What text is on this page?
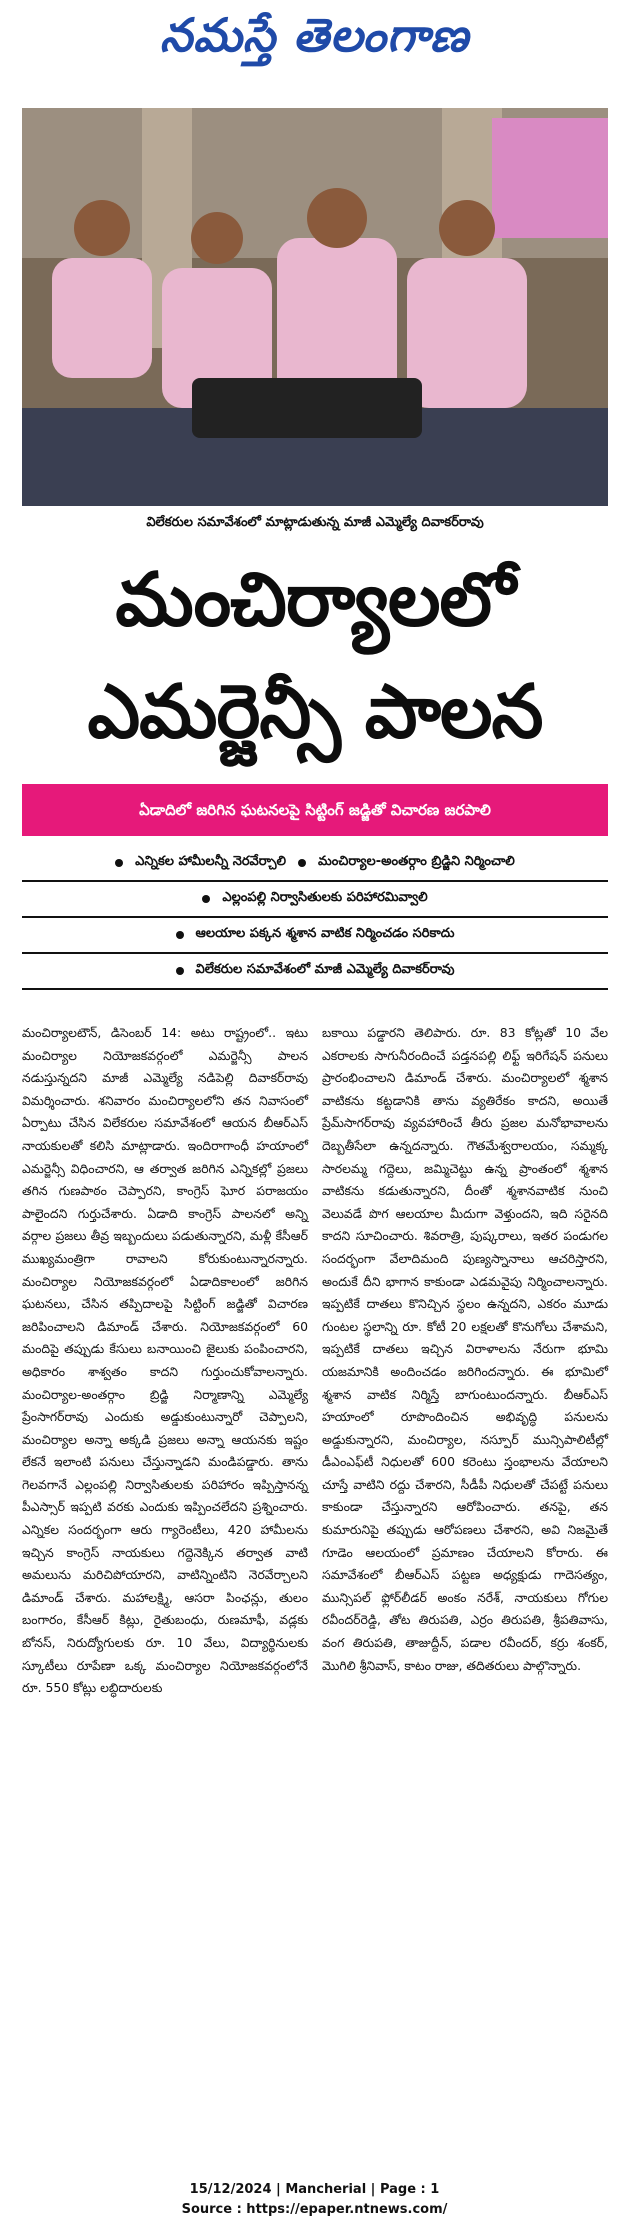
నమస్తే తెలంగాణ
విలేకరుల సమావేశంలో మాట్లాడుతున్న మాజీ ఎమ్మెల్యే దివాకర్‌రావు
మంచిర్యాలలో
ఎమర్జెన్సీ పాలన
ఏడాదిలో జరిగిన ఘటనలపై సిట్టింగ్ జడ్జితో విచారణ జరపాలి
ఎన్నికల హామీలన్నీ నెరవేర్చాలి మంచిర్యాల-అంతర్గాం బ్రిడ్జిని నిర్మించాలి
ఎల్లంపల్లి నిర్వాసితులకు పరిహారమివ్వాలి
ఆలయాల పక్కన శ్మశాన వాటిక నిర్మించడం సరికాదు
విలేకరుల సమావేశంలో మాజీ ఎమ్మెల్యే దివాకర్‌రావు

మంచిర్యాలటౌన్, డిసెంబర్ 14: అటు రాష్ట్రంలో.. ఇటు మంచిర్యాల నియోజకవర్గంలో ఎమర్జెన్సీ పాలన నడుస్తున్నదని మాజీ ఎమ్మెల్యే నడిపెల్లి దివాకర్‌రావు విమర్శించారు. శనివారం మంచిర్యాలలోని తన నివాసంలో ఏర్పాటు చేసిన విలేకరుల సమావేశంలో ఆయన బీఆర్‌ఎస్ నాయకులతో కలిసి మాట్లాడారు. ఇందిరాగాంధీ హయాంలో ఎమర్జెన్సీ విధించారని, ఆ తర్వాత జరిగిన ఎన్నికల్లో ప్రజలు తగిన గుణపాఠం చెప్పారని, కాంగ్రెస్ ఘోర పరాజయం పాలైందని గుర్తుచేశారు. ఏడాది కాంగ్రెస్ పాలనలో అన్ని వర్గాల ప్రజలు తీవ్ర ఇబ్బందులు పడుతున్నారని, మళ్లీ కేసీఆర్ ముఖ్యమంత్రిగా రావాలని కోరుకుంటున్నారన్నారు. మంచిర్యాల నియోజకవర్గంలో ఏడాదికాలంలో జరిగిన ఘటనలు, చేసిన తప్పిదాలపై సిట్టింగ్ జడ్జితో విచారణ జరిపించాలని డిమాండ్ చేశారు. నియోజకవర్గంలో 60 మందిపై తప్పుడు కేసులు బనాయించి జైలుకు పంపించారని, అధికారం శాశ్వతం కాదని గుర్తుంచుకోవాలన్నారు. మంచిర్యాల-అంతర్గాం బ్రిడ్జి నిర్మాణాన్ని ఎమ్మెల్యే ప్రేంసాగర్‌రావు ఎందుకు అడ్డుకుంటున్నారో చెప్పాలని, మంచిర్యాల అన్నా అక్కడి ప్రజలు అన్నా ఆయనకు ఇష్టం లేకనే ఇలాంటి పనులు చేస్తున్నాడని మండిపడ్డారు. తాను గెలవగానే ఎల్లంపల్లి నిర్వాసితులకు పరిహారం ఇప్పిస్తానన్న పీఎస్సార్ ఇప్పటి వరకు ఎందుకు ఇప్పించలేదని ప్రశ్నించారు. ఎన్నికల సందర్భంగా ఆరు గ్యారెంటీలు, 420 హామీలను ఇచ్చిన కాంగ్రెస్ నాయకులు గద్దెనెక్కిన తర్వాత వాటి అమలును మరిచిపోయారని, వాటిన్నింటిని నెరవేర్చాలని డిమాండ్ చేశారు. మహాలక్ష్మి, ఆసరా పింఛన్లు, తులం బంగారం, కేసీఆర్ కిట్లు, రైతుబంధు, రుణమాఫీ, వడ్లకు బోనస్, నిరుద్యోగులకు రూ. 10 వేలు, విద్యార్థినులకు స్కూటీలు రూపేణా ఒక్క మంచిర్యాల నియోజకవర్గంలోనే రూ. 550 కోట్లు లబ్ధిదారులకు

బకాయి పడ్డారని తెలిపారు. రూ. 83 కోట్లతో 10 వేల ఎకరాలకు సాగునీరందించే పడ్తనపల్లి లిఫ్ట్ ఇరిగేషన్ పనులు ప్రారంభించాలని డిమాండ్ చేశారు. మంచిర్యాలలో శ్మశాన వాటికను కట్టడానికి తాను వ్యతిరేకం కాదని, అయితే ప్రేమ్‌సాగర్‌రావు వ్యవహారించే తీరు ప్రజల మనోభావాలను దెబ్బతీసేలా ఉన్నదన్నారు. గౌతమేశ్వరాలయం, సమ్మక్క సారలమ్మ గద్దెలు, జమ్మిచెట్టు ఉన్న ప్రాంతంలో శ్మశాన వాటికను కడుతున్నారని, దీంతో శ్మశానవాటిక నుంచి వెలువడే పొగ ఆలయాల మీదుగా వెళ్తుందని, ఇది సరైనది కాదని సూచించారు. శివరాత్రి, పుష్కరాలు, ఇతర పండుగల సందర్భంగా వేలాదిమంది పుణ్యస్నానాలు ఆచరిస్తారని, అందుకే దీని భాగాన కాకుండా ఎడమవైపు నిర్మించాలన్నారు. ఇప్పటికే దాతలు కొనిచ్చిన స్థలం ఉన్నదని, ఎకరం మూడు గుంటల స్థలాన్ని రూ. కోటీ 20 లక్షలతో కొనుగోలు చేశామని, ఇప్పటికే దాతలు ఇచ్చిన విరాళాలను నేరుగా భూమి యజమానికి అందించడం జరిగిందన్నారు. ఈ భూమిలో శ్మశాన వాటిక నిర్మిస్తే బాగుంటుందన్నారు. బీఆర్‌ఎస్ హయాంలో రూపొందించిన అభివృద్ధి పనులను అడ్డుకున్నారని, మంచిర్యాల, నస్పూర్ మున్సిపాలిటీల్లో డీఎంఎఫ్‌టీ నిధులతో 600 కరెంటు స్తంభాలను వేయాలని చూస్తే వాటిని రద్దు చేశారని, సీడీపీ నిధులతో చేపట్టే పనులు కాకుండా చేస్తున్నారని ఆరోపించారు. తనపై, తన కుమారునిపై తప్పుడు ఆరోపణలు చేశారని, అవి నిజమైతే గూడెం ఆలయంలో ప్రమాణం చేయాలని కోరారు. ఈ సమావేశంలో బీఆర్‌ఎస్ పట్టణ అధ్యక్షుడు గాదెసత్యం, మున్సిపల్ ఫ్లోర్‌లీడర్ అంకం నరేశ్, నాయకులు గోగుల రవీందర్‌రెడ్డి, తోట తిరుపతి, ఎర్రం తిరుపతి, శ్రీపతివాసు, వంగ తిరుపతి, తాజుద్దీన్, పడాల రవీందర్, కర్రు శంకర్, మొగిలి శ్రీనివాస్, కాటం రాజు, తదితరులు పాల్గొన్నారు.

15/12/2024 | Mancherial | Page : 1
Source : https://epaper.ntnews.com/
